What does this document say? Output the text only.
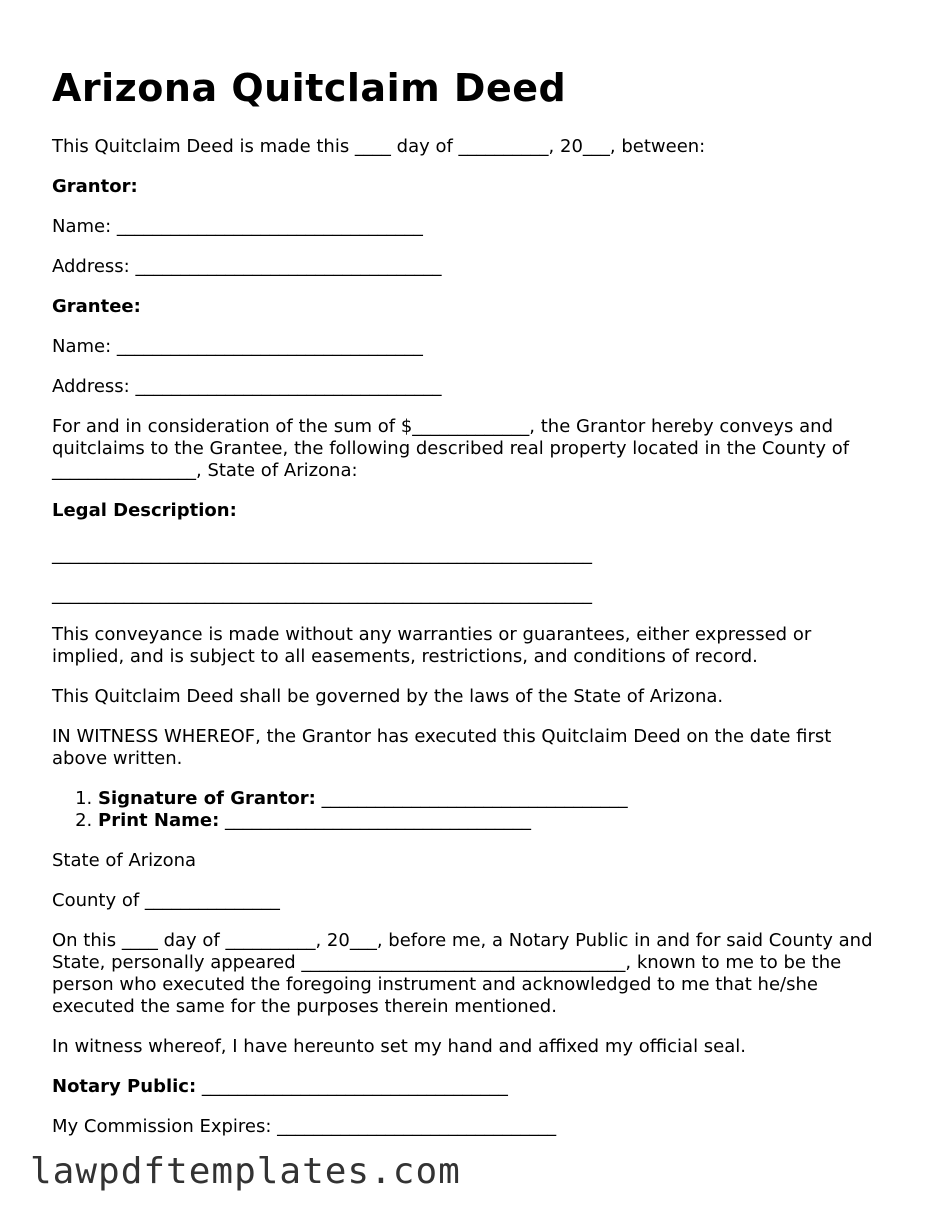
Arizona Quitclaim Deed

This Quitclaim Deed is made this ____ day of __________, 20___, between:

Grantor:

Name: __________________________________

Address: __________________________________

Grantee:

Name: __________________________________

Address: __________________________________

For and in consideration of the sum of $_____________, the Grantor hereby conveys and quitclaims to the Grantee, the following described real property located in the County of ________________, State of Arizona:

Legal Description:

____________________________________________________________

____________________________________________________________

This conveyance is made without any warranties or guarantees, either expressed or implied, and is subject to all easements, restrictions, and conditions of record.

This Quitclaim Deed shall be governed by the laws of the State of Arizona.

IN WITNESS WHEREOF, the Grantor has executed this Quitclaim Deed on the date first above written.

1. Signature of Grantor: __________________________________
2. Print Name: __________________________________

State of Arizona

County of _______________

On this ____ day of __________, 20___, before me, a Notary Public in and for said County and State, personally appeared ____________________________________, known to me to be the person who executed the foregoing instrument and acknowledged to me that he/she executed the same for the purposes therein mentioned.

In witness whereof, I have hereunto set my hand and affixed my official seal.

Notary Public: __________________________________

My Commission Expires: _______________________________

lawpdftemplates.com
